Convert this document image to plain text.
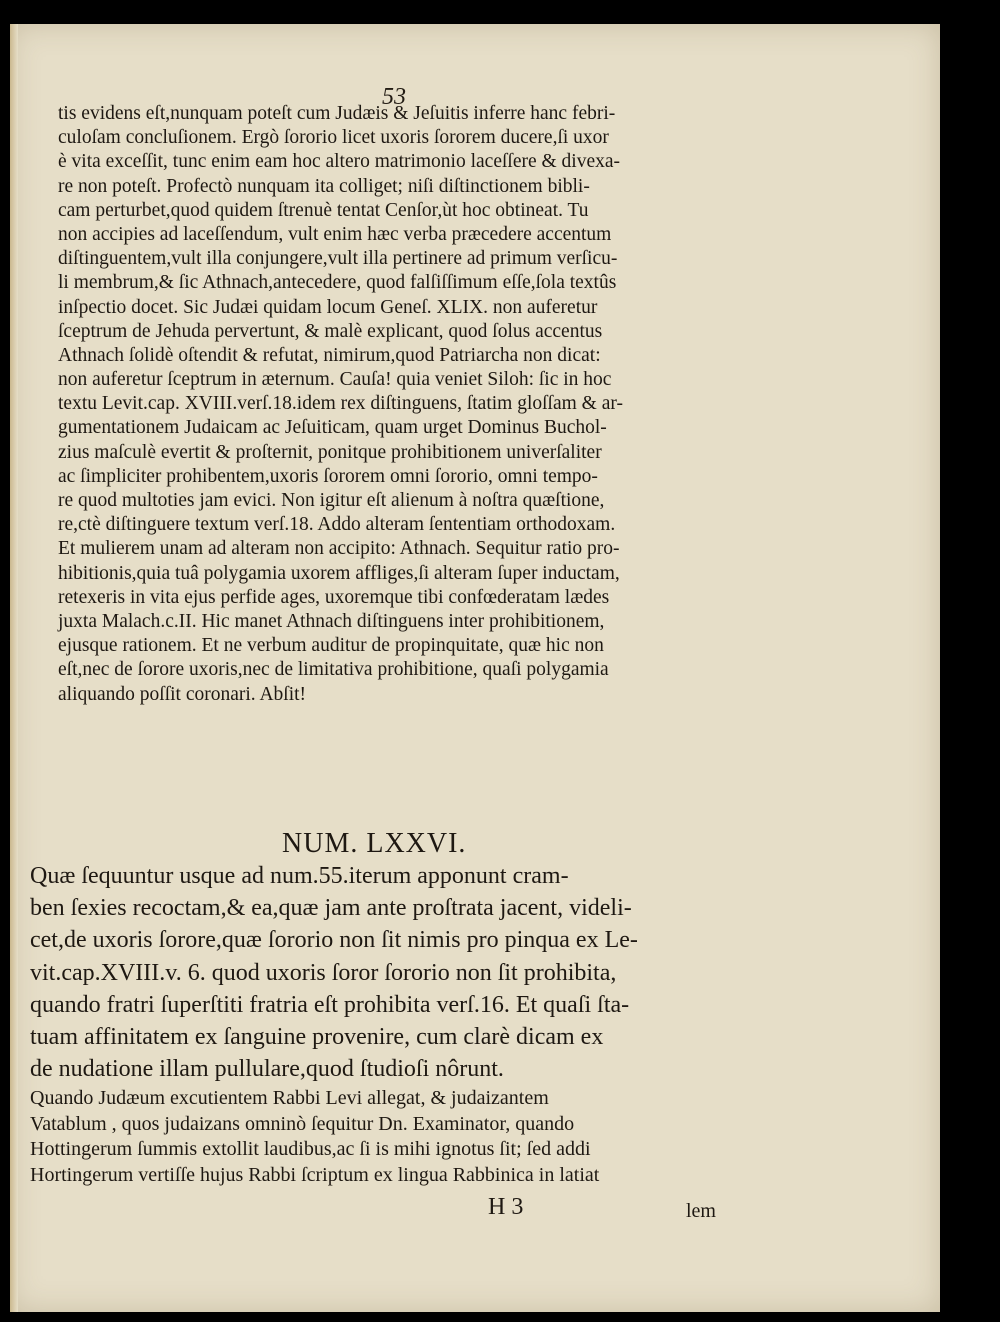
53
tis evidens eſt,nunquam poteſt cum Judæis & Jeſuitis inferre hanc febri-
culoſam concluſionem. Ergò ſororio licet uxoris ſororem ducere,ſi uxor
è vita exceſſit, tunc enim eam hoc altero matrimonio laceſſere & divexa-
re non poteſt. Profectò nunquam ita colliget; niſi diſtinctionem bibli-
cam perturbet,quod quidem ſtrenuè tentat Cenſor,ùt hoc obtineat. Tu
non accipies ad laceſſendum, vult enim hæc verba præcedere accentum
diſtinguentem,vult illa conjungere,vult illa pertinere ad primum verſicu-
li membrum,& ſic Athnach,antecedere, quod falſiſſimum eſſe,ſola textûs
inſpectio docet. Sic Judæi quidam locum Geneſ. XLIX. non auferetur
ſceptrum de Jehuda pervertunt, & malè explicant, quod ſolus accentus
Athnach ſolidè oſtendit & refutat, nimirum,quod Patriarcha non dicat:
non auferetur ſceptrum in æternum. Cauſa! quia veniet Siloh: ſic in hoc
textu Levit.cap. XVIII.verſ.18.idem rex diſtinguens, ſtatim gloſſam & ar-
gumentationem Judaicam ac Jeſuiticam, quam urget Dominus Buchol-
zius maſculè evertit & proſternit, ponitque prohibitionem univerſaliter
ac ſimpliciter prohibentem,uxoris ſororem omni ſororio, omni tempo-
re quod multoties jam evici. Non igitur eſt alienum à noſtra quæſtione,
re,ctè diſtinguere textum verſ.18. Addo alteram ſententiam orthodoxam.
Et mulierem unam ad alteram non accipito: Athnach. Sequitur ratio pro-
hibitionis,quia tuâ polygamia uxorem affliges,ſi alteram ſuper inductam,
retexeris in vita ejus perfide ages, uxoremque tibi confœderatam lædes
juxta Malach.c.II. Hic manet Athnach diſtinguens inter prohibitionem,
ejusque rationem. Et ne verbum auditur de propinquitate, quæ hic non
eſt,nec de ſorore uxoris,nec de limitativa prohibitione, quaſi polygamia
aliquando poſſit coronari. Abſit!
NUM. LXXVI.
Quæ ſequuntur usque ad num.55.iterum apponunt cram-
ben ſexies recoctam,& ea,quæ jam ante proſtrata jacent, videli-
cet,de uxoris ſorore,quæ ſororio non ſit nimis pro pinqua ex Le-
vit.cap.XVIII.v. 6. quod uxoris ſoror ſororio non ſit prohibita,
quando fratri ſuperſtiti fratria eſt prohibita verſ.16. Et quaſi ſta-
tuam affinitatem ex ſanguine provenire, cum clarè dicam ex
de nudatione illam pullulare,quod ſtudioſi nôrunt.
Quando Judæum excutientem Rabbi Levi allegat, & judaizantem
Vatablum , quos judaizans omninò ſequitur Dn. Examinator, quando
Hottingerum ſummis extollit laudibus,ac ſi is mihi ignotus ſit; ſed addi
Hortingerum vertiſſe hujus Rabbi ſcriptum ex lingua Rabbinica in latiat
H 3	lem
